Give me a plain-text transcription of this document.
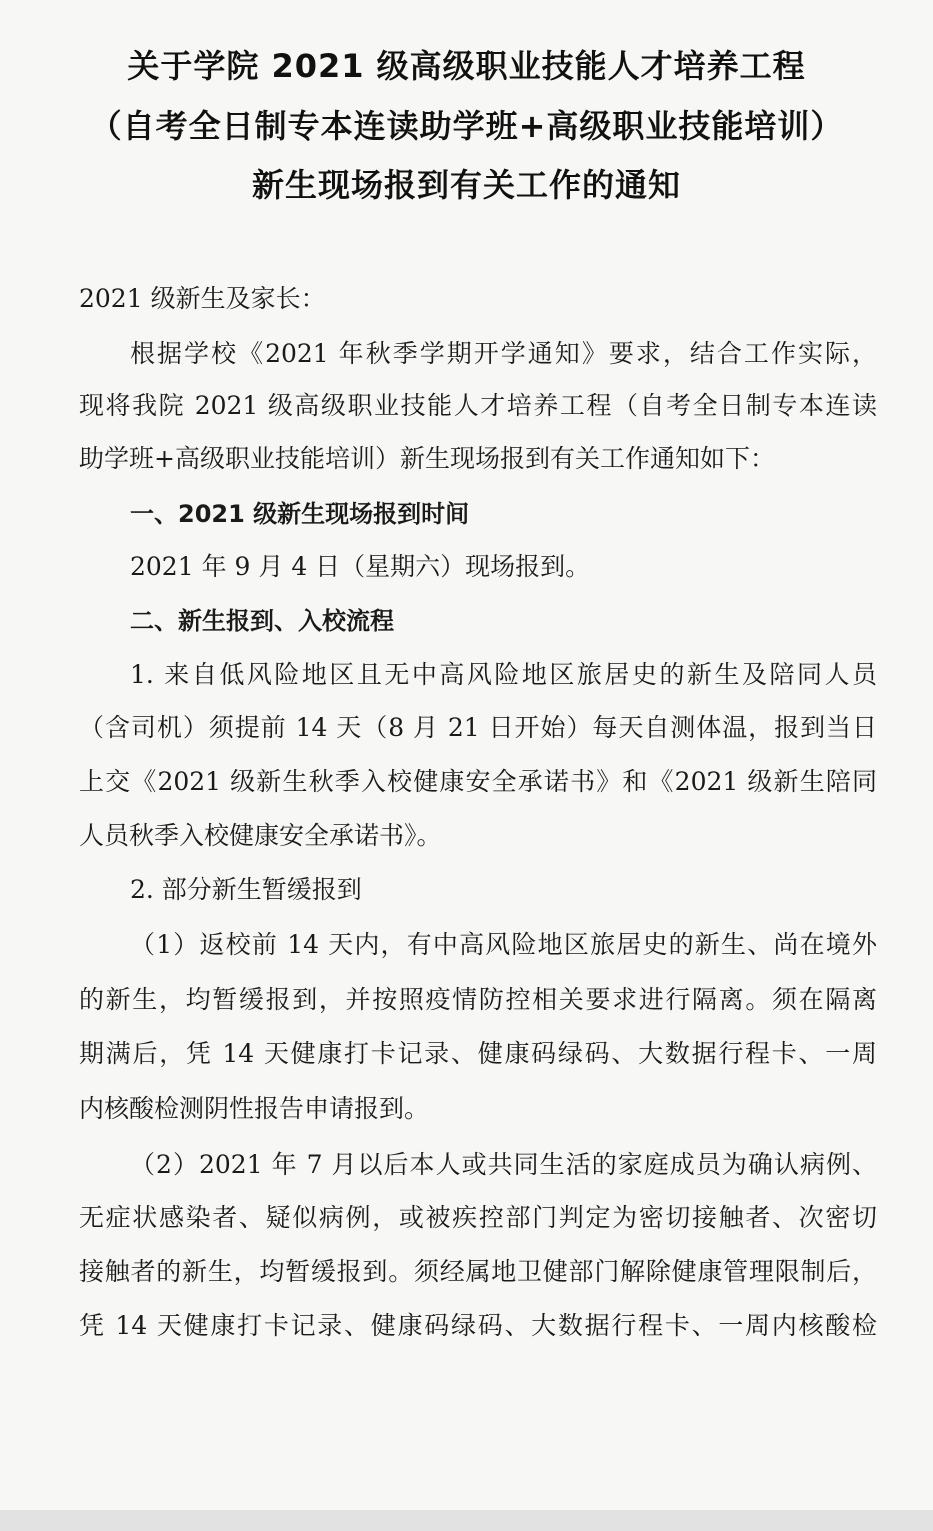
关于学院 2021 级高级职业技能人才培养工程
（自考全日制专本连读助学班+高级职业技能培训）
新生现场报到有关工作的通知
2021 级新生及家长：
根据学校《2021 年秋季学期开学通知》要求，结合工作实际，
现将我院 2021 级高级职业技能人才培养工程（自考全日制专本连读
助学班+高级职业技能培训）新生现场报到有关工作通知如下：
一、2021 级新生现场报到时间
2021 年 9 月 4 日（星期六）现场报到。
二、新生报到、入校流程
1. 来自低风险地区且无中高风险地区旅居史的新生及陪同人员
（含司机）须提前 14 天（8 月 21 日开始）每天自测体温，报到当日
上交《2021 级新生秋季入校健康安全承诺书》和《2021 级新生陪同
人员秋季入校健康安全承诺书》。
2. 部分新生暂缓报到
（1）返校前 14 天内，有中高风险地区旅居史的新生、尚在境外
的新生，均暂缓报到，并按照疫情防控相关要求进行隔离。须在隔离
期满后，凭 14 天健康打卡记录、健康码绿码、大数据行程卡、一周
内核酸检测阴性报告申请报到。
（2）2021 年 7 月以后本人或共同生活的家庭成员为确认病例、
无症状感染者、疑似病例，或被疾控部门判定为密切接触者、次密切
接触者的新生，均暂缓报到。须经属地卫健部门解除健康管理限制后，
凭 14 天健康打卡记录、健康码绿码、大数据行程卡、一周内核酸检
